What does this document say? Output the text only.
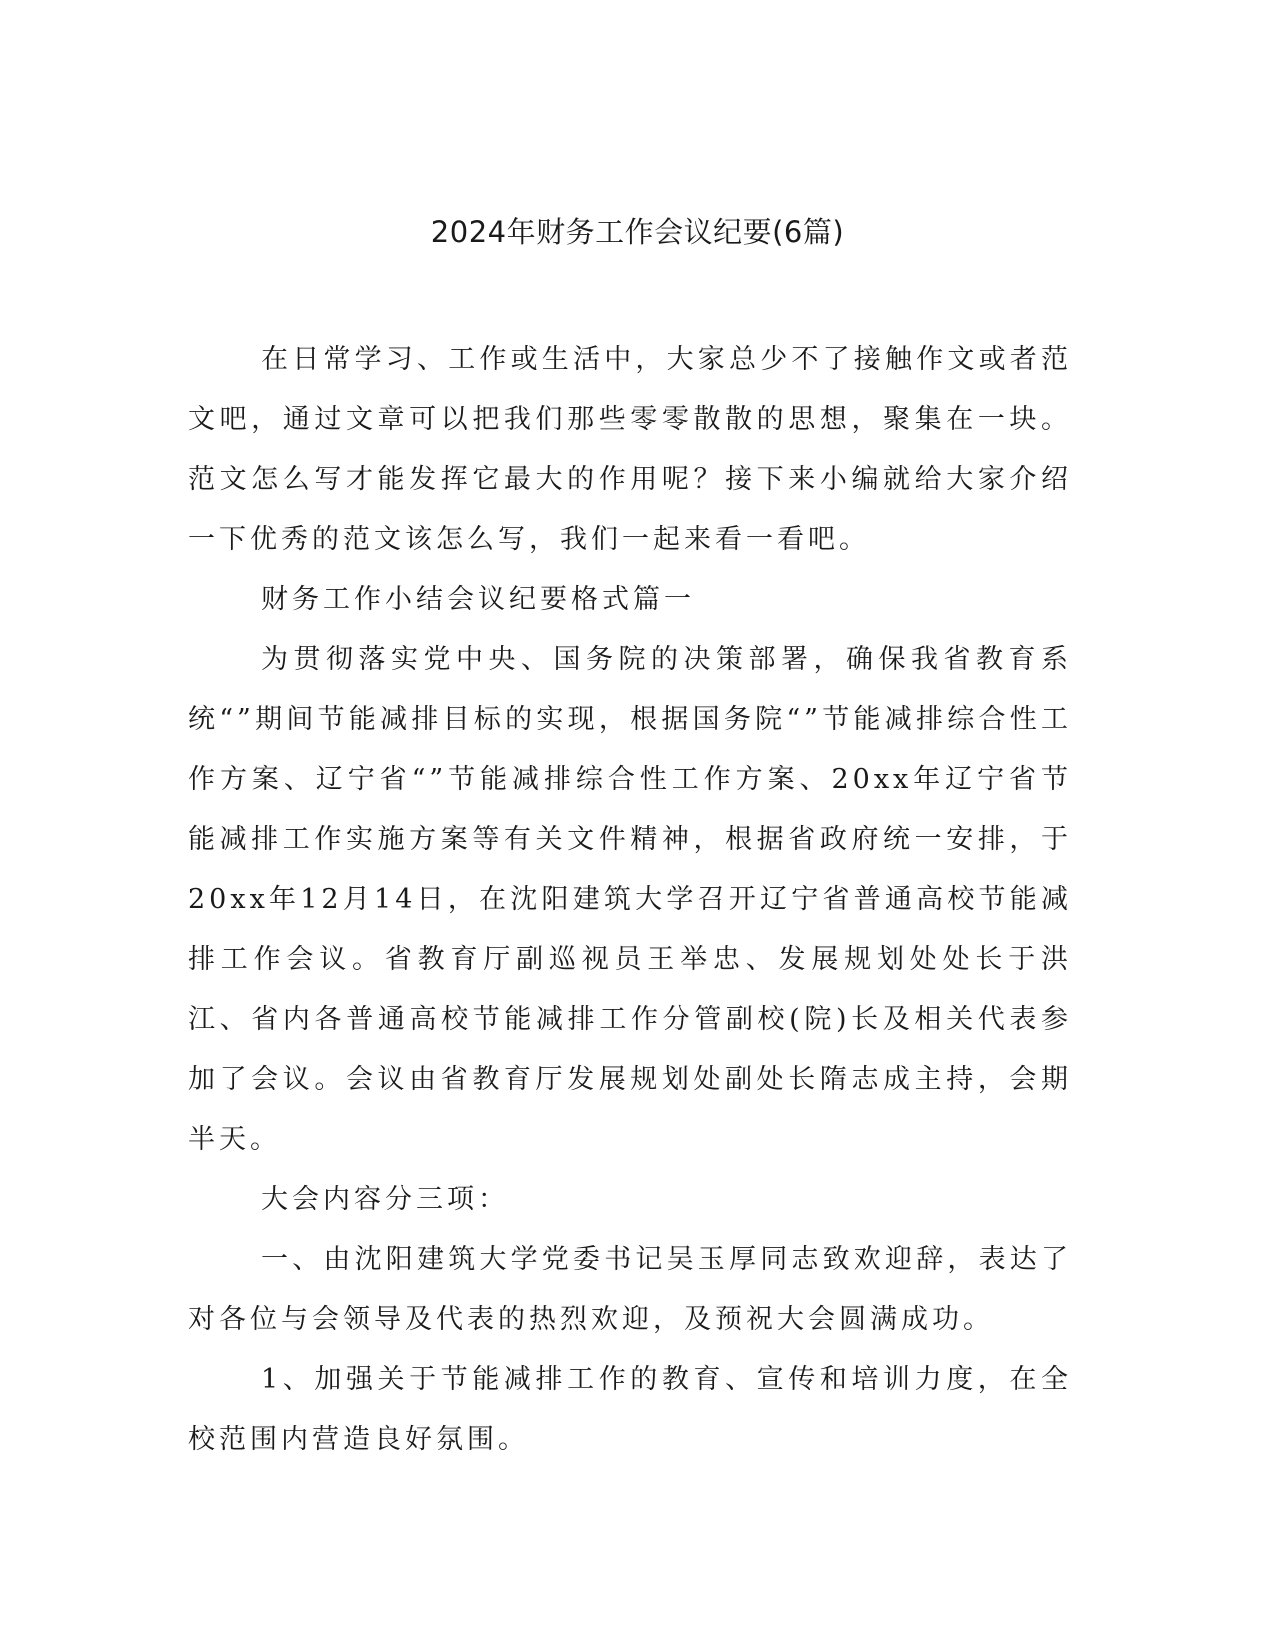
2024年财务工作会议纪要(6篇)

在日常学习、工作或生活中，大家总少不了接触作文或者范文吧，通过文章可以把我们那些零零散散的思想，聚集在一块。范文怎么写才能发挥它最大的作用呢？接下来小编就给大家介绍一下优秀的范文该怎么写，我们一起来看一看吧。

财务工作小结会议纪要格式篇一

为贯彻落实党中央、国务院的决策部署，确保我省教育系统“”期间节能减排目标的实现，根据国务院“”节能减排综合性工作方案、辽宁省“”节能减排综合性工作方案、20xx年辽宁省节能减排工作实施方案等有关文件精神，根据省政府统一安排，于20xx年12月14日，在沈阳建筑大学召开辽宁省普通高校节能减排工作会议。省教育厅副巡视员王举忠、发展规划处处长于洪江、省内各普通高校节能减排工作分管副校(院)长及相关代表参加了会议。会议由省教育厅发展规划处副处长隋志成主持，会期半天。

大会内容分三项：

一、由沈阳建筑大学党委书记吴玉厚同志致欢迎辞，表达了对各位与会领导及代表的热烈欢迎，及预祝大会圆满成功。

1、加强关于节能减排工作的教育、宣传和培训力度，在全校范围内营造良好氛围。
